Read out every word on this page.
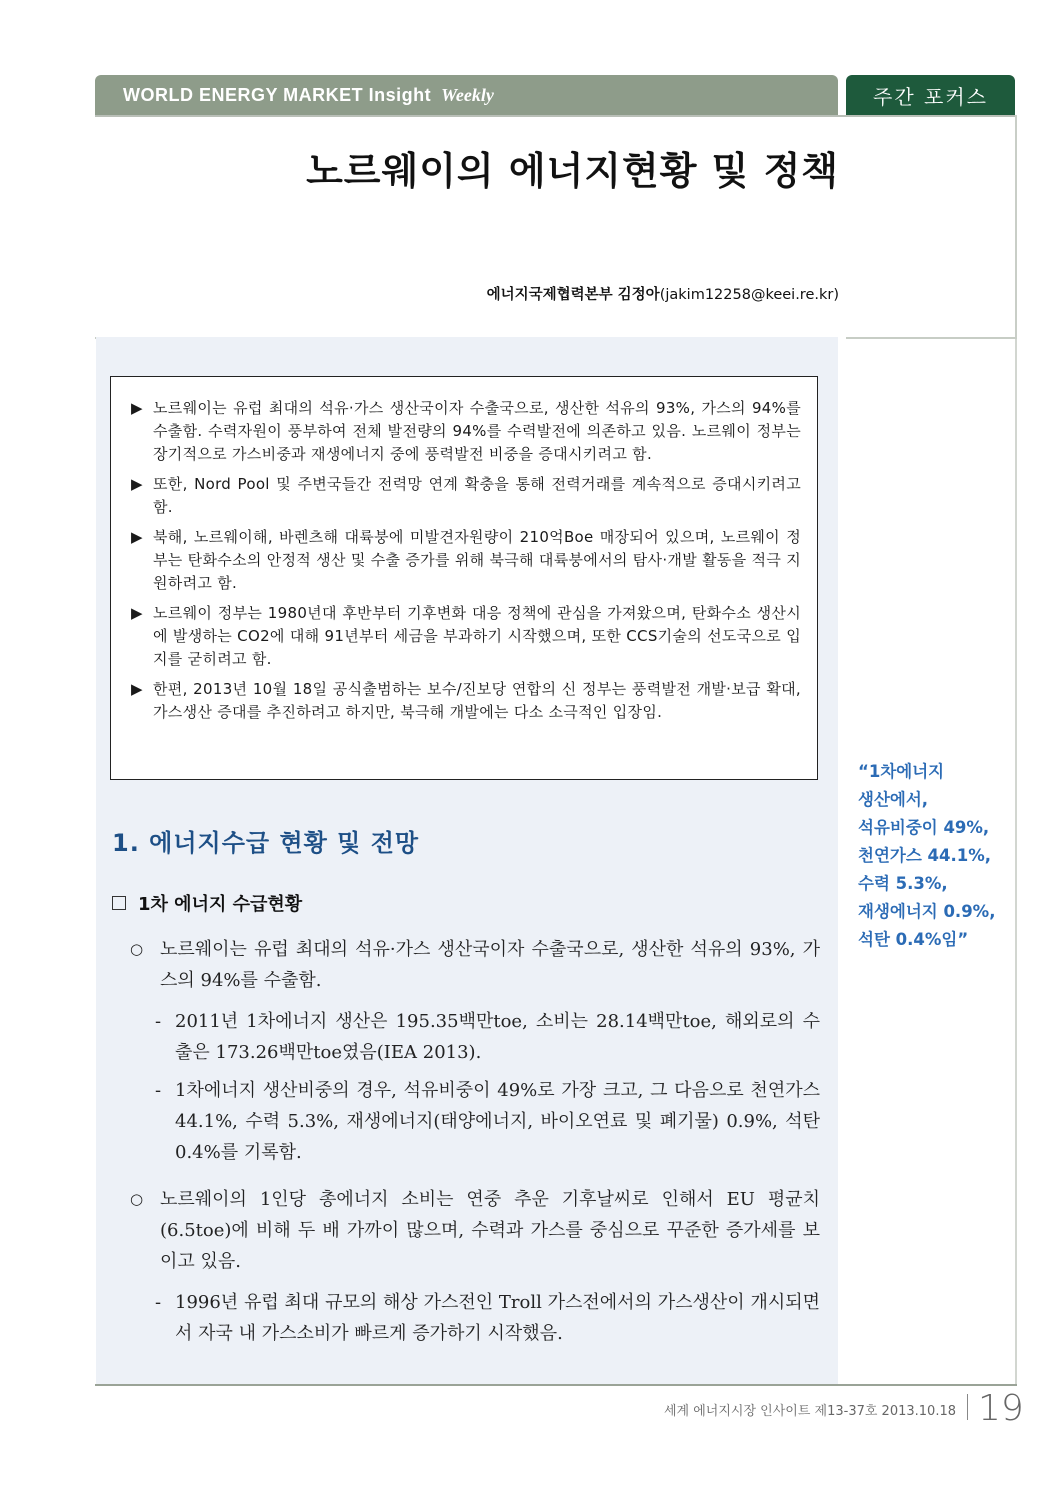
WORLD ENERGY MARKET Insight Weekly	주간 포커스
노르웨이의 에너지현황 및 정책
에너지국제협력본부 김정아(jakim12258@keei.re.kr)
▶ 노르웨이는 유럽 최대의 석유·가스 생산국이자 수출국으로, 생산한 석유의 93%, 가스의 94%를 수출함. 수력자원이 풍부하여 전체 발전량의 94%를 수력발전에 의존하고 있음. 노르웨이 정부는 장기적으로 가스비중과 재생에너지 중에 풍력발전 비중을 증대시키려고 함.
▶ 또한, Nord Pool 및 주변국들간 전력망 연계 확충을 통해 전력거래를 계속적으로 증대시키려고 함.
▶ 북해, 노르웨이해, 바렌츠해 대륙붕에 미발견자원량이 210억Boe 매장되어 있으며, 노르웨이 정부는 탄화수소의 안정적 생산 및 수출 증가를 위해 북극해 대륙붕에서의 탐사·개발 활동을 적극 지원하려고 함.
▶ 노르웨이 정부는 1980년대 후반부터 기후변화 대응 정책에 관심을 가져왔으며, 탄화수소 생산시에 발생하는 CO2에 대해 91년부터 세금을 부과하기 시작했으며, 또한 CCS기술의 선도국으로 입지를 굳히려고 함.
▶ 한편, 2013년 10월 18일 공식출범하는 보수/진보당 연합의 신 정부는 풍력발전 개발·보급 확대, 가스생산 증대를 추진하려고 하지만, 북극해 개발에는 다소 소극적인 입장임.
1. 에너지수급 현황 및 전망
1차 에너지 수급현황
○ 노르웨이는 유럽 최대의 석유·가스 생산국이자 수출국으로, 생산한 석유의 93%, 가스의 94%를 수출함.
- 2011년 1차에너지 생산은 195.35백만toe, 소비는 28.14백만toe, 해외로의 수출은 173.26백만toe였음(IEA 2013).
- 1차에너지 생산비중의 경우, 석유비중이 49%로 가장 크고, 그 다음으로 천연가스 44.1%, 수력 5.3%, 재생에너지(태양에너지, 바이오연료 및 폐기물) 0.9%, 석탄 0.4%를 기록함.
○ 노르웨이의 1인당 총에너지 소비는 연중 추운 기후날씨로 인해서 EU 평균치(6.5toe)에 비해 두 배 가까이 많으며, 수력과 가스를 중심으로 꾸준한 증가세를 보이고 있음.
- 1996년 유럽 최대 규모의 해상 가스전인 Troll 가스전에서의 가스생산이 개시되면서 자국 내 가스소비가 빠르게 증가하기 시작했음.
“1차에너지
생산에서,
석유비중이 49%,
천연가스 44.1%,
수력 5.3%,
재생에너지 0.9%,
석탄 0.4%임”
세계 에너지시장 인사이트 제13-37호 2013.10.18 19
